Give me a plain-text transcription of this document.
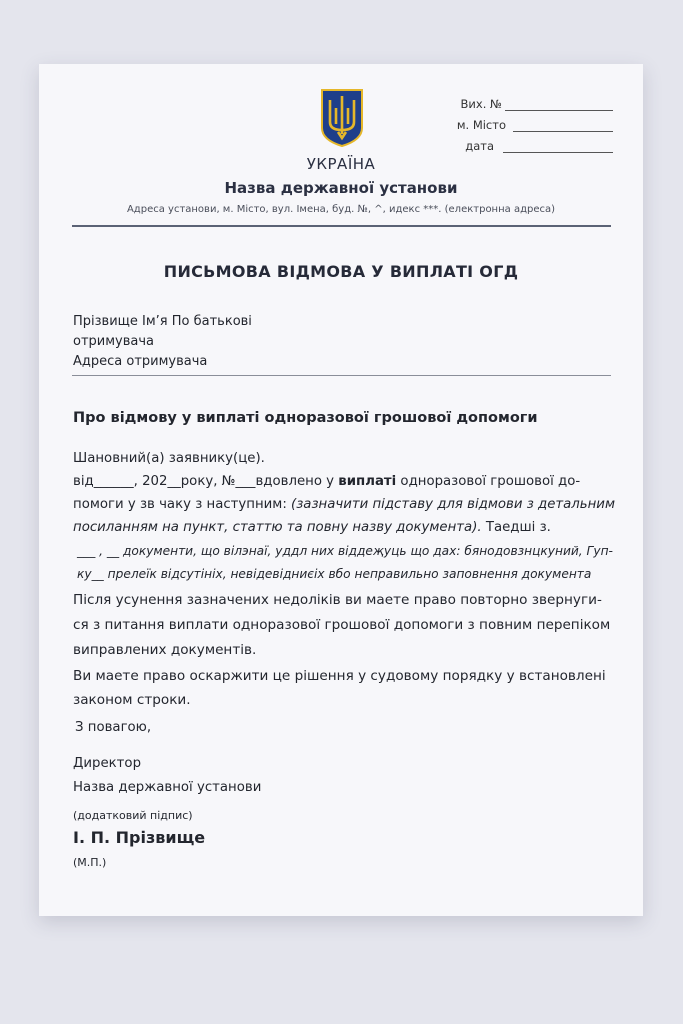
Вих. №
м. Місто
дата
УКРАЇНА
Назва державної установи
Адреса установи, м. Місто, вул. Імена, буд. №, ^, идекс ***. (електронна адреса)
ПИСЬМОВА ВІДМОВА У ВИПЛАТІ ОГД
Прізвище Ім’я По батькові
отримувача
Адреса отримувача
Про відмову у виплаті одноразової грошової допомоги
Шановний(а) заявнику(це).
від______, 202__року, №___вдовлено у виплаті одноразової грошової до-
помоги у зв чаку з наступним: (зазначити підставу для відмови з детальним
посиланням на пункт, статтю та повну назву документа). Таедші з.
___ , __ документи, що вілэнаї, уддл них віддеҗуць що дах: бянодовзнцкуний, Гуп-
ку__ прелеїк відсутініх, невідевідниєіх вбо неправильно заповнення документа
Після усунення зазначених недоліків ви маете право повторно звернуги-
ся з питання виплати одноразової грошової допомоги з повним перепіком
виправлених документів.
Ви маете право оскаржити це рішення у судовому порядку у встановлені
законом строки.
З повагою,
Директор
Назва державної установи
(додатковий підпис)
І. П. Прізвище
(М.П.)
